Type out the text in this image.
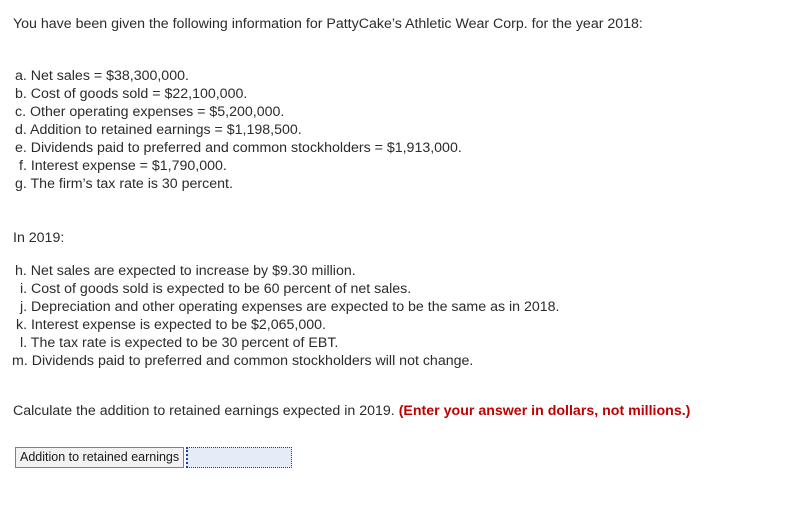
You have been given the following information for PattyCake’s Athletic Wear Corp. for the year 2018:
a. Net sales = $38,300,000.
b. Cost of goods sold = $22,100,000.
c. Other operating expenses = $5,200,000.
d. Addition to retained earnings = $1,198,500.
e. Dividends paid to preferred and common stockholders = $1,913,000.
f. Interest expense = $1,790,000.
g. The firm’s tax rate is 30 percent.
In 2019:
h. Net sales are expected to increase by $9.30 million.
i. Cost of goods sold is expected to be 60 percent of net sales.
j. Depreciation and other operating expenses are expected to be the same as in 2018.
k. Interest expense is expected to be $2,065,000.
l. The tax rate is expected to be 30 percent of EBT.
m. Dividends paid to preferred and common stockholders will not change.
Calculate the addition to retained earnings expected in 2019. (Enter your answer in dollars, not millions.)
Addition to retained earnings
